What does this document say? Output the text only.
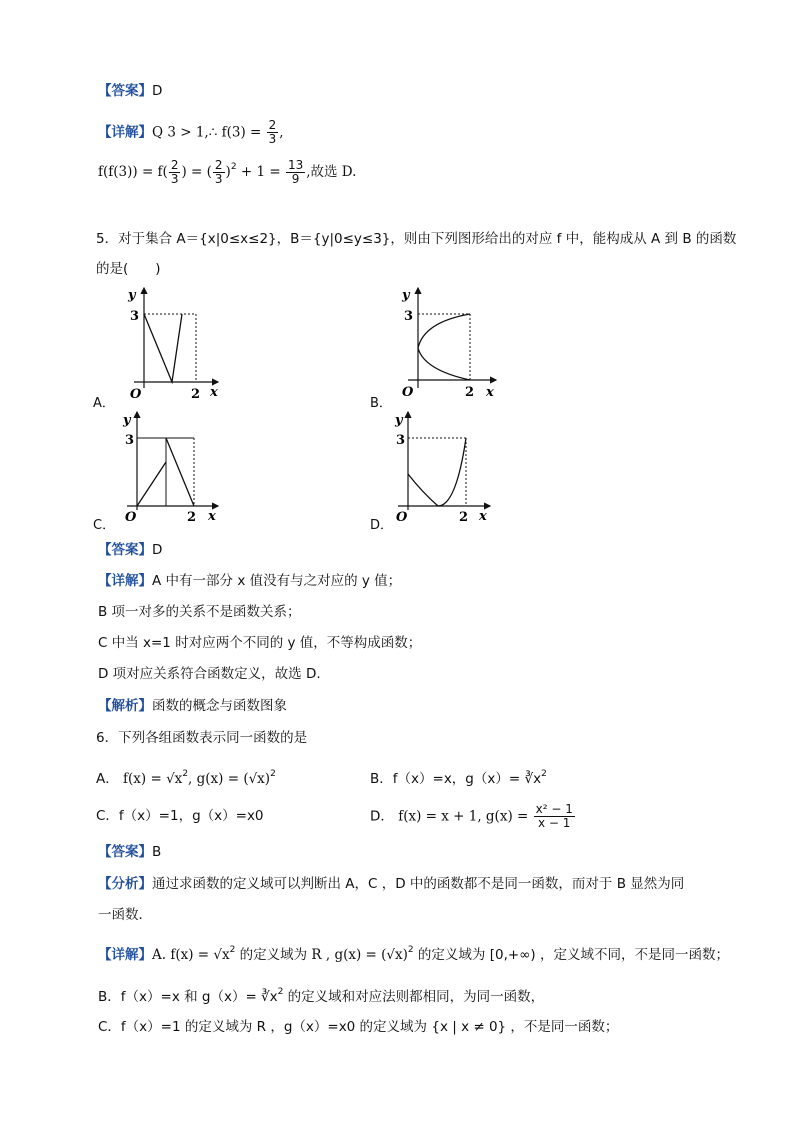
【答案】D
【详解】Q 3 > 1,∴ $f(3) = \frac{2}{3}$ ,
$f(f(3)) = f( \frac{2}{3}$ ) = ( $\frac{2}{3} )^2 + 1 = \frac{13}{9}$ ,故选 D.
5．对于集合 A＝{x|0≤x≤2}，B＝{y|0≤y≤3}，则由下列图形给出的对应 f 中，能构成从 A 到 B 的函数
的是(　　)
y
3
O	2 x
A．
y
3
O	2 x
B．
y
3
O	2 x
C．
y
3
O	2 x
D．
【答案】D
【详解】A 中有一部分 x 值没有与之对应的 y 值；
B 项一对多的关系不是函数关系；
C 中当 x=1 时对应两个不同的 y 值，不等构成函数；
D 项对应关系符合函数定义，故选 D.
【解析】函数的概念与函数图象
6．下列各组函数表示同一函数的是
A． $f(x) = √x^2$, $g(x) = (√x)^2$	B．f（x）=x，$g(x)= ∛x^2$
C．f（x）=1，g（x）=x0	D． f(x) = x + 1, $g(x) = \frac{\text{x² − 1}}{x - 1}$
【答案】B
【分析】通过求函数的定义域可以判断出 A，C ，D 中的函数都不是同一函数，而对于 B 显然为同
一函数．
【详解】A. $f(x) = √x^2$ 的定义域为 R , $g(x) = (√x)^2$ 的定义域为 [0,+∞) ，定义域不同，不是同一函数；
B．f（x）=x 和 $g(x)= ∛x^2$ 的定义域和对应法则都相同，为同一函数，
C．f（x）=1 的定义域为 R ，g（x）=x0 的定义域为 {x | x ≠ 0} ，不是同一函数；
